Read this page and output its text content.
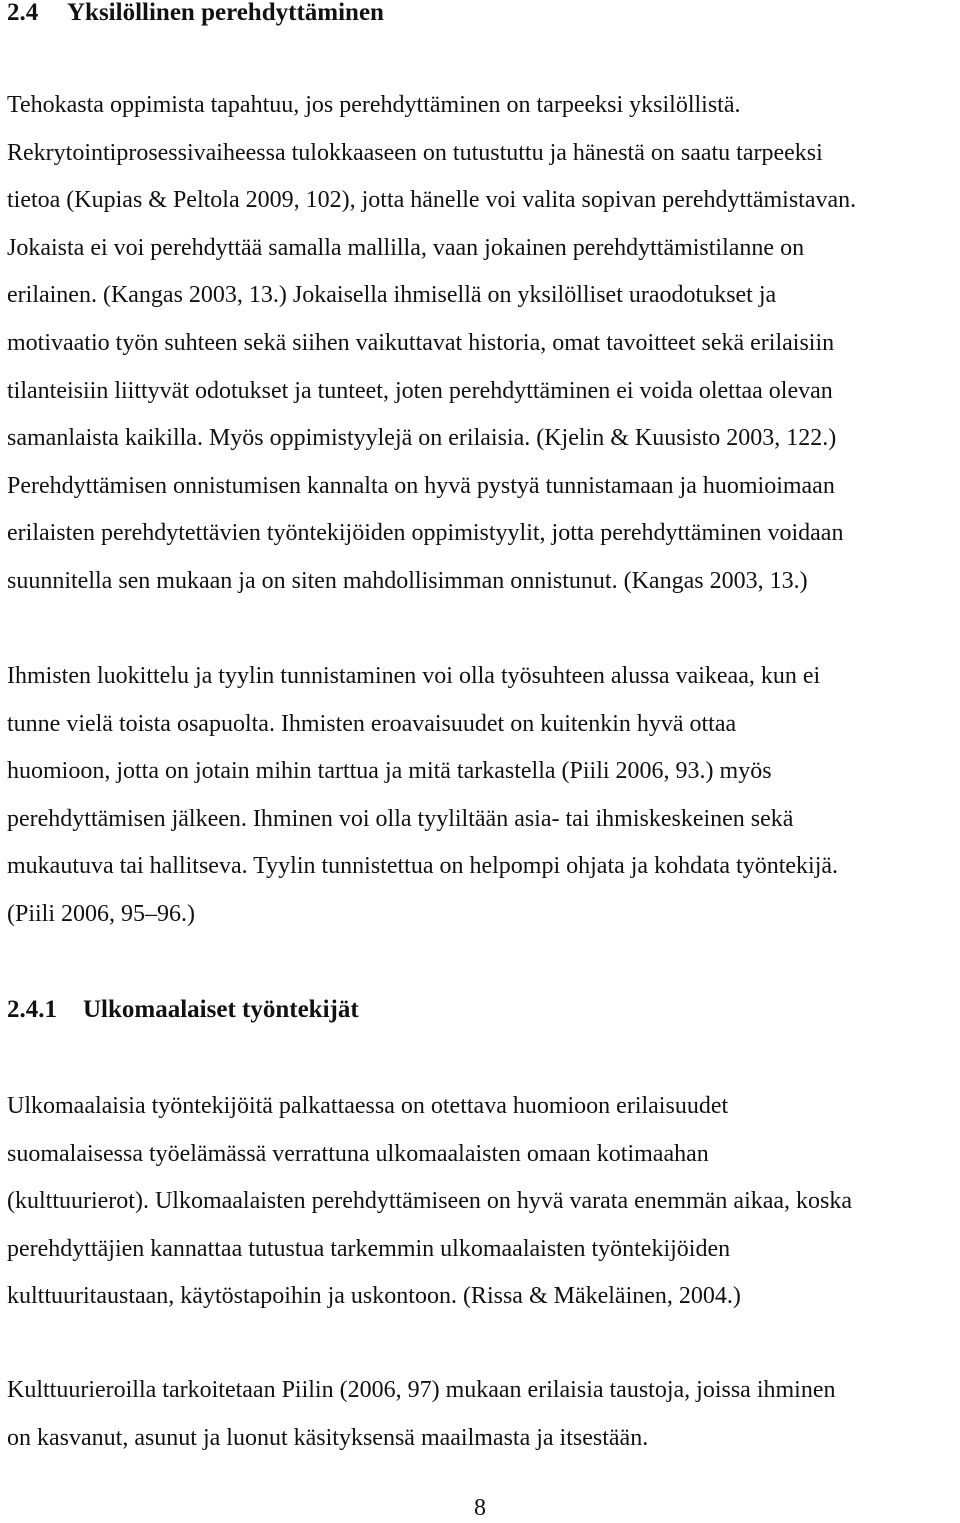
2.4 Yksilöllinen perehdyttäminen

Tehokasta oppimista tapahtuu, jos perehdyttäminen on tarpeeksi yksilöllistä.
Rekrytointiprosessivaiheessa tulokkaaseen on tutustuttu ja hänestä on saatu tarpeeksi
tietoa (Kupias & Peltola 2009, 102), jotta hänelle voi valita sopivan perehdyttämistavan.
Jokaista ei voi perehdyttää samalla mallilla, vaan jokainen perehdyttämistilanne on
erilainen. (Kangas 2003, 13.) Jokaisella ihmisellä on yksilölliset uraodotukset ja
motivaatio työn suhteen sekä siihen vaikuttavat historia, omat tavoitteet sekä erilaisiin
tilanteisiin liittyvät odotukset ja tunteet, joten perehdyttäminen ei voida olettaa olevan
samanlaista kaikilla. Myös oppimistyylejä on erilaisia. (Kjelin & Kuusisto 2003, 122.)
Perehdyttämisen onnistumisen kannalta on hyvä pystyä tunnistamaan ja huomioimaan
erilaisten perehdytettävien työntekijöiden oppimistyylit, jotta perehdyttäminen voidaan
suunnitella sen mukaan ja on siten mahdollisimman onnistunut. (Kangas 2003, 13.)

Ihmisten luokittelu ja tyylin tunnistaminen voi olla työsuhteen alussa vaikeaa, kun ei
tunne vielä toista osapuolta. Ihmisten eroavaisuudet on kuitenkin hyvä ottaa
huomioon, jotta on jotain mihin tarttua ja mitä tarkastella (Piili 2006, 93.) myös
perehdyttämisen jälkeen. Ihminen voi olla tyyliltään asia- tai ihmiskeskeinen sekä
mukautuva tai hallitseva. Tyylin tunnistettua on helpompi ohjata ja kohdata työntekijä.
(Piili 2006, 95–96.)

2.4.1 Ulkomaalaiset työntekijät

Ulkomaalaisia työntekijöitä palkattaessa on otettava huomioon erilaisuudet
suomalaisessa työelämässä verrattuna ulkomaalaisten omaan kotimaahan
(kulttuurierot). Ulkomaalaisten perehdyttämiseen on hyvä varata enemmän aikaa, koska
perehdyttäjien kannattaa tutustua tarkemmin ulkomaalaisten työntekijöiden
kulttuuritaustaan, käytöstapoihin ja uskontoon. (Rissa & Mäkeläinen, 2004.)

Kulttuurieroilla tarkoitetaan Piilin (2006, 97) mukaan erilaisia taustoja, joissa ihminen
on kasvanut, asunut ja luonut käsityksensä maailmasta ja itsestään.

8
